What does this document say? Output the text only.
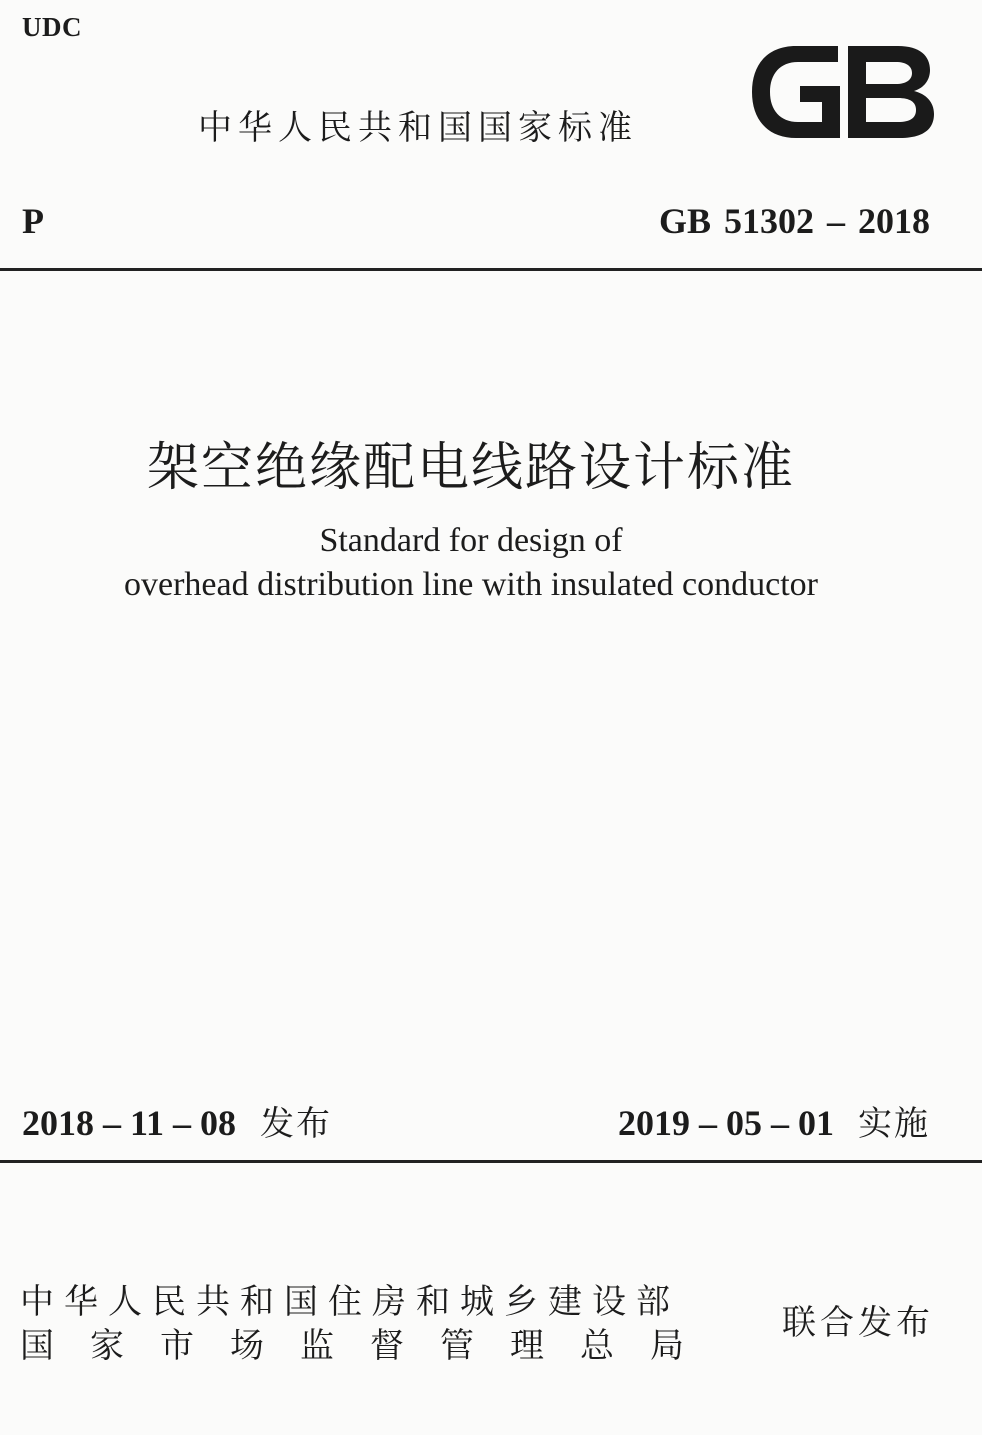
UDC
中华人民共和国国家标准
P	GB 51302 – 2018
架空绝缘配电线路设计标准
Standard for design of
overhead distribution line with insulated conductor
2018 – 11 – 08 发布	2019 – 05 – 01 实施
中华人民共和国住房和城乡建设部
国家市场监督管理总局
联合发布
